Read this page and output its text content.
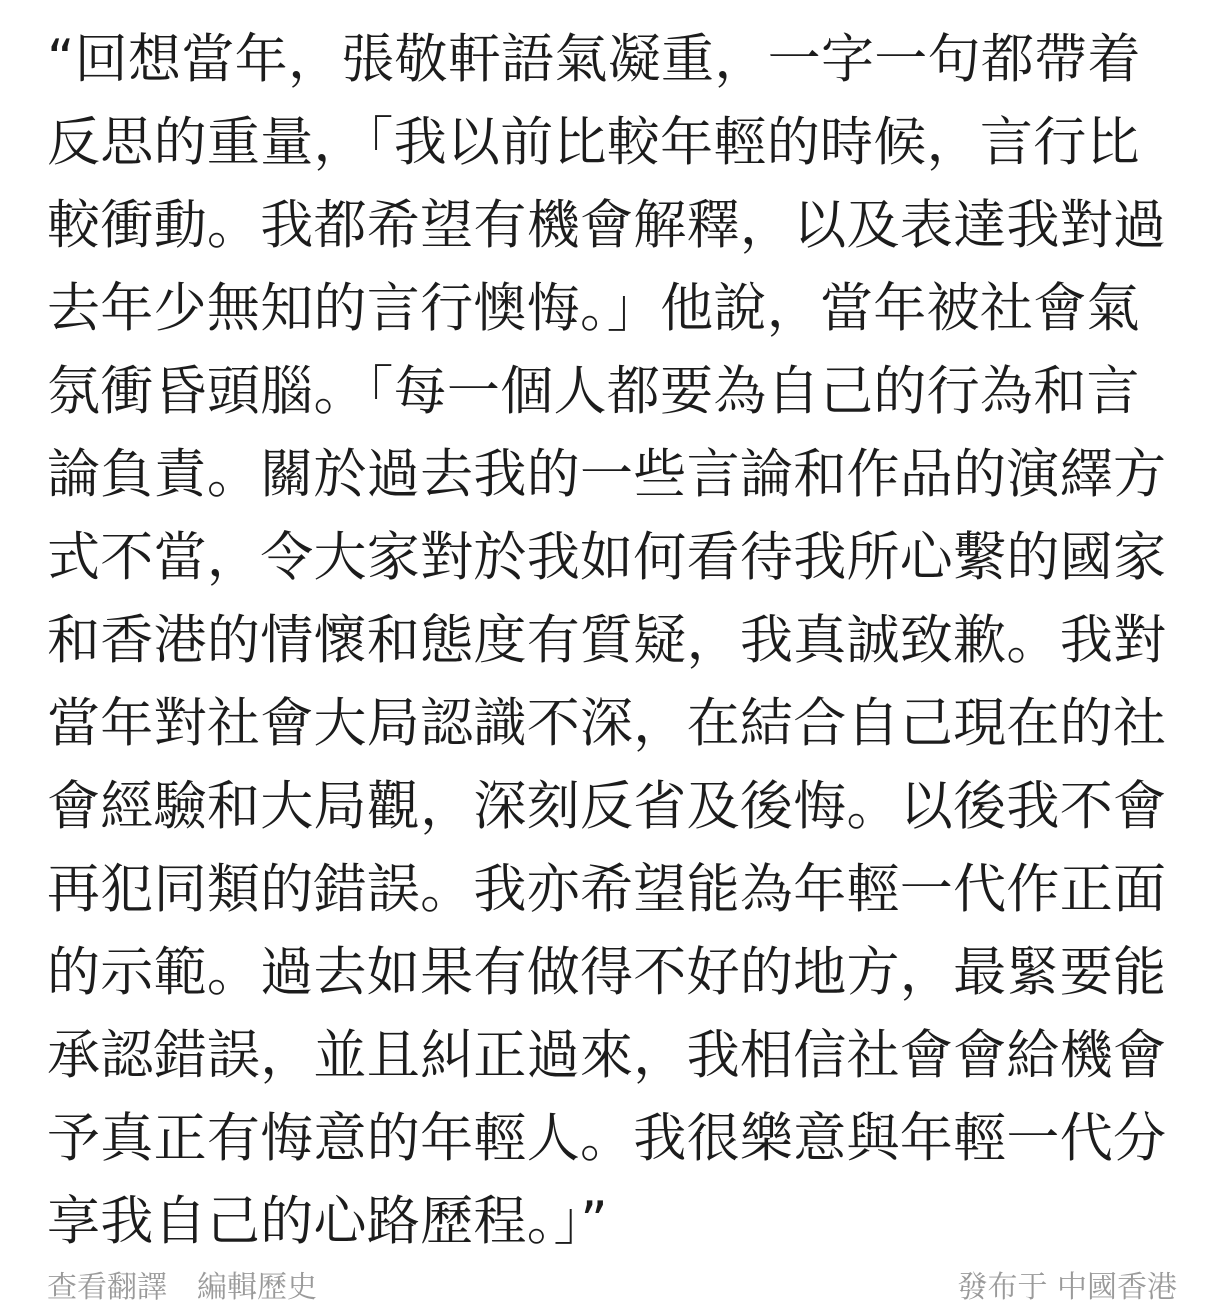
“回想當年，張敬軒語氣凝重，一字一句都帶着
反思的重量，「我以前比較年輕的時候，言行比
較衝動。我都希望有機會解釋，以及表達我對過
去年少無知的言行懊悔。」他說，當年被社會氣
氛衝昏頭腦。「每一個人都要為自己的行為和言
論負責。關於過去我的一些言論和作品的演繹方
式不當，令大家對於我如何看待我所心繫的國家
和香港的情懷和態度有質疑，我真誠致歉。我對
當年對社會大局認識不深，在結合自己現在的社
會經驗和大局觀，深刻反省及後悔。以後我不會
再犯同類的錯誤。我亦希望能為年輕一代作正面
的示範。過去如果有做得不好的地方，最緊要能
承認錯誤，並且糾正過來，我相信社會會給機會
予真正有悔意的年輕人。我很樂意與年輕一代分
享我自己的心路歷程。」”
查看翻譯 編輯歷史	發布于 中國香港
